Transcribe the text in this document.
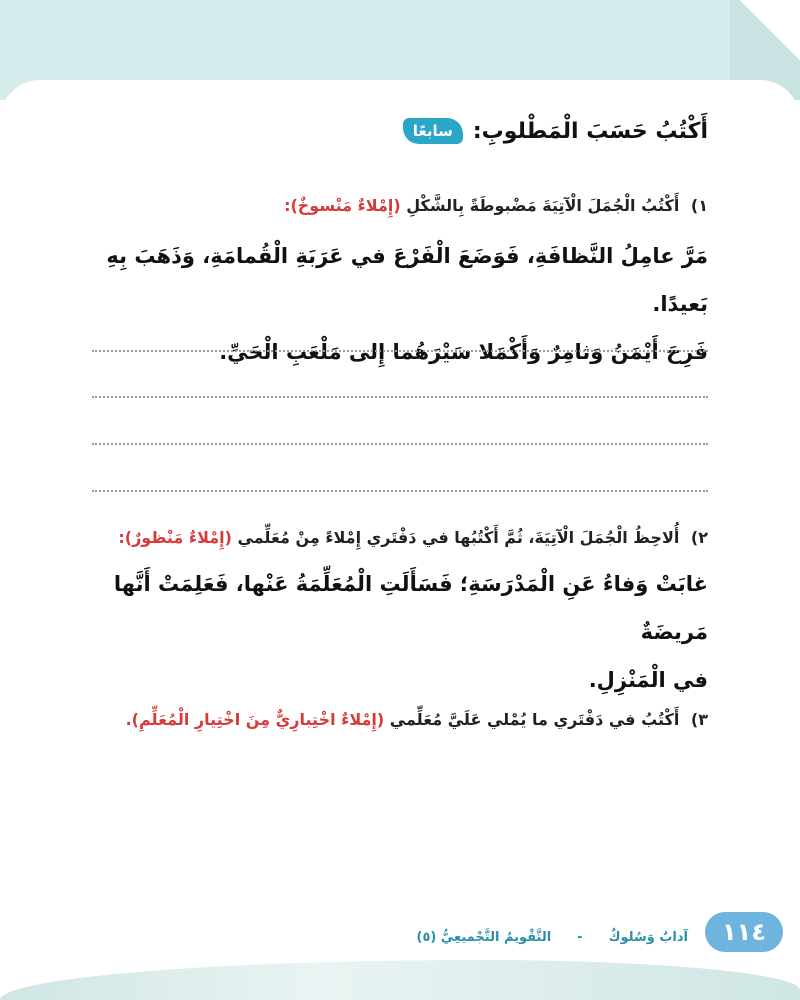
سابعًا أَكْتُبُ حَسَبَ الْمَطْلوبِ:
١) أَكْتُبُ الْجُمَلَ الْآتِيَةَ مَضْبوطَةً بِالشَّكْلِ (إِمْلاءٌ مَنْسوخٌ):
مَرَّ عامِلُ النَّظافَةِ، فَوَضَعَ الْفَرْعَ في عَرَبَةِ الْقُمامَةِ، وَذَهَبَ بِهِ بَعيدًا.
فَرِحَ أَيْمَنُ وَثامِرٌ وَأَكْمَلا سَيْرَهُما إِلى مَلْعَبِ الْحَيِّ.
٢) أُلاحِظُ الْجُمَلَ الْآتِيَةَ، ثُمَّ أَكْتُبُها في دَفْتَري إِمْلاءً مِنْ مُعَلِّمي (إِمْلاءٌ مَنْظورٌ):
غابَتْ وَفاءُ عَنِ الْمَدْرَسَةِ؛ فَسَأَلَتِ الْمُعَلِّمَةُ عَنْها، فَعَلِمَتْ أَنَّها مَريضَةٌ
في الْمَنْزِلِ.
٣) أَكْتُبُ في دَفْتَري ما يُمْلي عَلَيَّ مُعَلِّمي (إِمْلاءٌ اخْتِبارِيٌّ مِنَ اخْتِيارِ الْمُعَلِّمِ).
آدابٌ وَسُلوكٌ
-
التَّقْويمُ التَّجْميعِيُّ (٥)	١١٤
